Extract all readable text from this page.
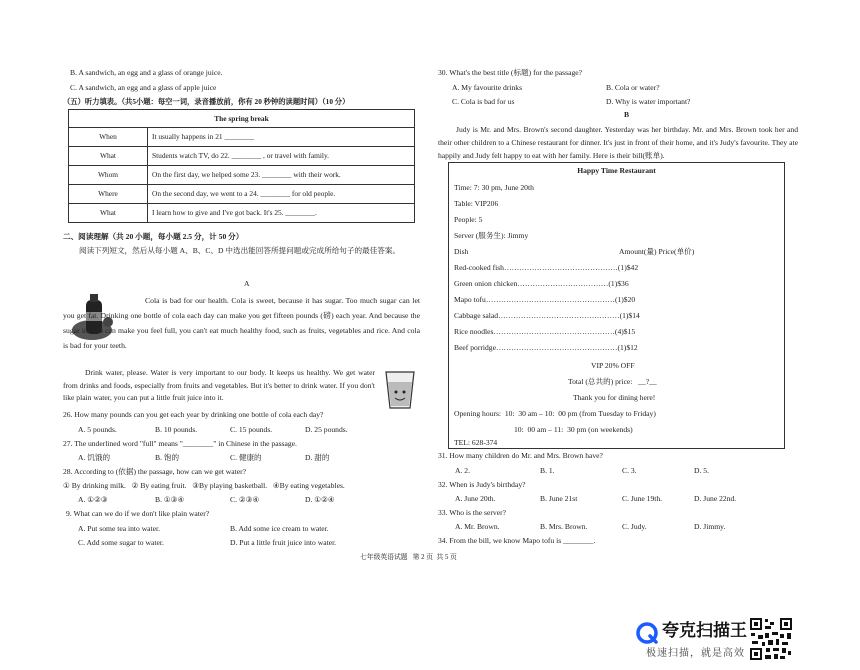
B. A sandwich, an egg and a glass of orange juice.
C. A sandwich, an egg and a glass of apple juice
（五）听力填表。（共5小题：每空一词，录音播放前，你有 20 秒钟的读题时间）（10 分）
The spring break	
When	It usually happens in 21 ________
What	Students watch TV, do 22. ________ , or travel with family.
Whom	On the first day, we helped some 23. ________ with their work.
Where	On the second day, we went to a 24. ________ for old people.
What	I learn how to give and I've got back. It's 25. ________.
二、阅读理解（共 20 小题，每小题 2.5 分，计 50 分）
阅读下列短文，然后从每小题 A、B、C、D 中选出能回答所提问题或完成所给句子的最佳答案。
A
Cola is bad for our health. Cola is sweet, because it has sugar. Too much sugar can let you get fat. Drinking one bottle of cola each day can make you get fifteen pounds (磅) each year. And because the sugar in cola can make you feel full, you can't eat much healthy food, such as fruits, vegetables and rice. And cola is bad for your teeth.
Drink water, please. Water is very important to our body. It keeps us healthy. We get water from drinks and foods, especially from fruits and vegetables. But it's better to drink water. If you don't like plain water, you can put a little fruit juice into it.
26. How many pounds can you get each year by drinking one bottle of cola each day?
A. 5 pounds.	B. 10 pounds.	C. 15 pounds.	D. 25 pounds.
27. The underlined word "full" means "________" in Chinese in the passage.
A. 饥饿的	B. 饱的	C. 健康的	D. 甜的
28. According to (依据) the passage, how can we get water?
① By drinking milk.   ② By eating fruit.   ③By playing basketball.   ④By eating vegetables.
A. ①②③	B. ①③④	C. ②③④	D. ①②④
9. What can we do if we don't like plain water?
A. Put some tea into water.	B. Add some ice cream to water.
C. Add some sugar to water.	D. Put a little fruit juice into water.
30. What's the best title (标题) for the passage?
A. My favourite drinks	B. Cola or water?
C. Cola is bad for us	D. Why is water important?
B
Judy is Mr. and Mrs. Brown's second daughter. Yesterday was her birthday. Mr. and Mrs. Brown took her and their other children to a Chinese restaurant for dinner. It's just in front of their home, and it's Judy's favourite. They ate happily and Judy felt happy to eat with her family. Here is their bill(账单).
Happy Time Restaurant
Time: 7: 30 pm, June 20th
Table: VIP206
People: 5
Server (服务生): Jimmy
Dish	Amount(量) Price(单价)
Red-cooked fish………………………………………(1)$42
Green onion chicken………………………………(1)$36
Mapo tofu……………………………………………(1)$20
Cabbage salad…………………………………………(1)$14
Rice noodles…………………………………………(4)$15
Beef porridge…………………………………………(1)$12
VIP 20% OFF
Total (总共的) price:   __?__
Thank you for dining here!
Opening hours:  10:  30 am – 10:  00 pm (from Tuesday to Friday)
10:  00 am – 11:  30 pm (on weekends)
TEL: 628-374
31. How many children do Mr. and Mrs. Brown have?
A. 2.	B. 1.	C. 3.	D. 5.
32. When is Judy's birthday?
A. June 20th.	B. June 21st	C. June 19th.	D. June 22nd.
33. Who is the server?
A. Mr. Brown.	B. Mrs. Brown.	C. Judy.	D. Jimmy.
34. From the bill, we know Mapo tofu is ________.
七年级英语试题   第 2 页  共 5 页
夸克扫描王
极速扫描，就是高效
